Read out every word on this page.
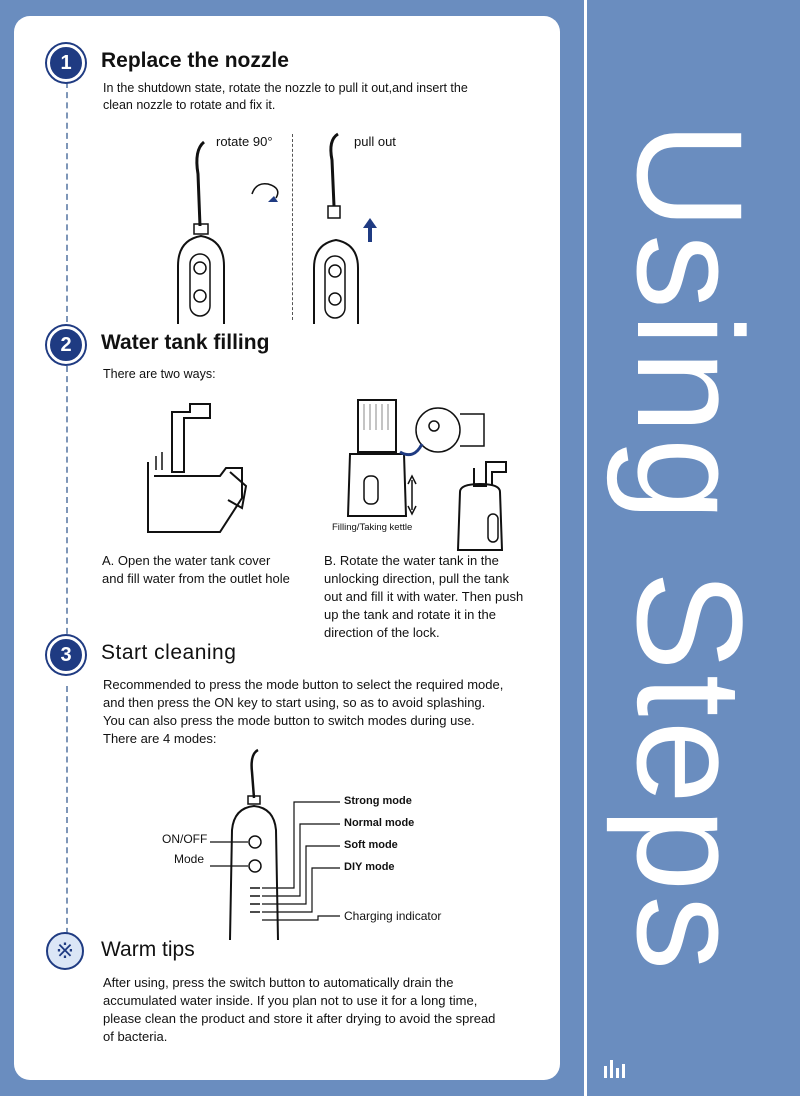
1	Replace the nozzle
In the shutdown state, rotate the nozzle to pull it out,and insert the
clean nozzle to rotate and fix it.
rotate 90°	pull out
2	Water tank filling
There are two ways:
Filling/Taking kettle
A. Open the water tank cover
and fill water from the outlet hole
B. Rotate the water tank in the
unlocking direction, pull the tank
out and fill it with water. Then push
up the tank and rotate it in the
direction of the lock.
3	Start cleaning
Recommended to press the mode button to select the required mode,
and then press the ON key to start using, so as to avoid splashing.
You can also press the mode button to switch modes during use.
There are 4 modes:
ON/OFF
Mode
Strong mode
Normal mode
Soft mode
DIY mode
Charging indicator
※	Warm tips
After using, press the switch button to automatically drain the
accumulated water inside. If you plan not to use it for a long time,
please clean the product and store it after drying to avoid the spread
of bacteria.
Using Steps
